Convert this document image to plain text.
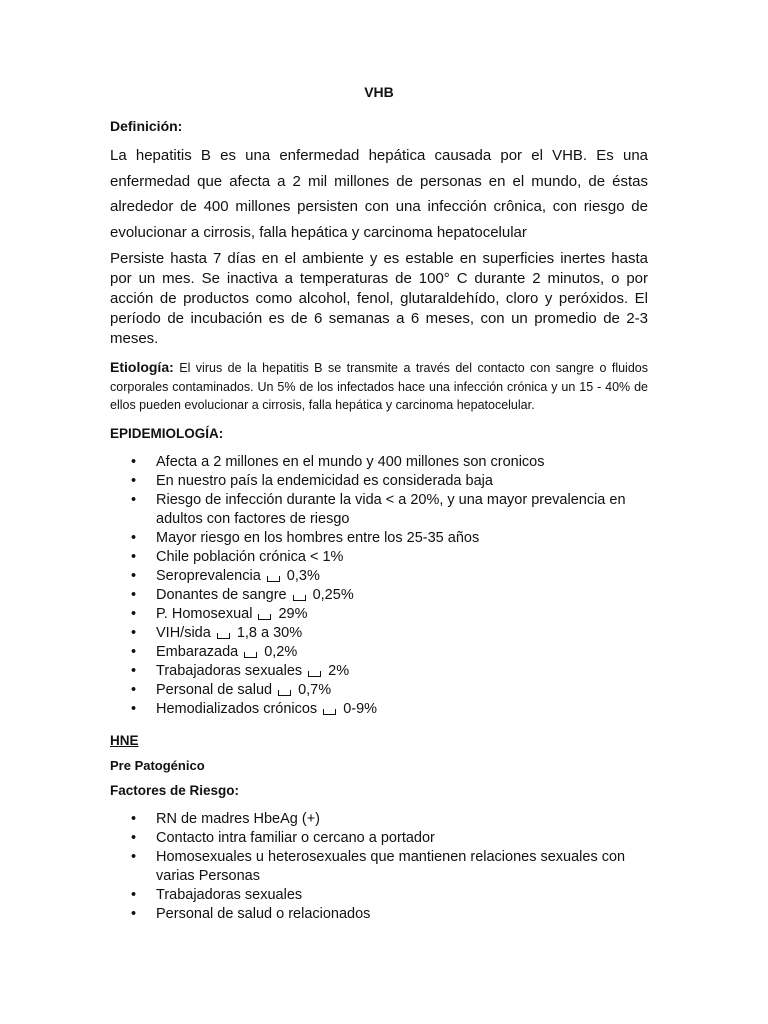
VHB
Definición:
La hepatitis B es una enfermedad hepática causada por el VHB. Es una enfermedad que afecta a 2 mil millones de personas en el mundo, de éstas alrededor de 400 millones persisten con una infección crônica, con riesgo de evolucionar a cirrosis, falla hepática y carcinoma hepatocelular
Persiste hasta 7 días en el ambiente y es estable en superficies inertes hasta por un mes. Se inactiva a temperaturas de 100° C durante 2 minutos, o por acción de productos como alcohol, fenol, glutaraldehído, cloro y peróxidos. El período de incubación es de 6 semanas a 6 meses, con un promedio de 2-3 meses.
Etiología: El virus de la hepatitis B se transmite a través del contacto con sangre o fluidos corporales contaminados. Un 5% de los infectados hace una infección crónica y un 15 - 40% de ellos pueden evolucionar a cirrosis, falla hepática y carcinoma hepatocelular.
EPIDEMIOLOGÍA:
• Afecta a 2 millones en el mundo y 400 millones son cronicos
• En nuestro país la endemicidad es considerada baja
• Riesgo de infección durante la vida < a 20%, y una mayor prevalencia en adultos con factores de riesgo
• Mayor riesgo en los hombres entre los 25-35 años
• Chile población crónica < 1%
• Seroprevalencia 0,3%
• Donantes de sangre 0,25%
• P. Homosexual 29%
• VIH/sida 1,8 a 30%
• Embarazada 0,2%
• Trabajadoras sexuales 2%
• Personal de salud 0,7%
• Hemodializados crónicos 0-9%
HNE
Pre Patogénico
Factores de Riesgo:
• RN de madres HbeAg (+)
• Contacto intra familiar o cercano a portador
• Homosexuales u heterosexuales que mantienen relaciones sexuales con varias Personas
• Trabajadoras sexuales
• Personal de salud o relacionados
